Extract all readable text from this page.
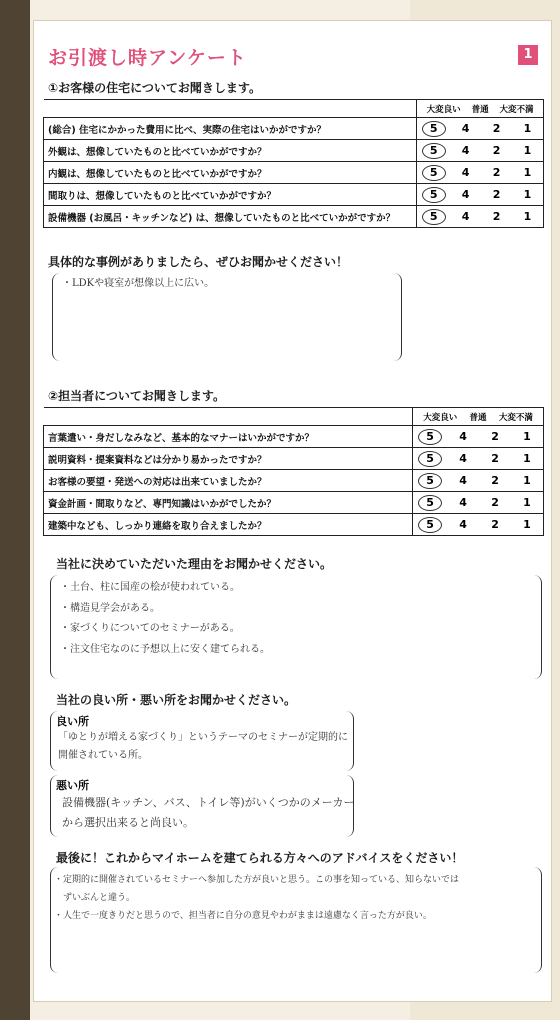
お引渡し時アンケート	1
①お客様の住宅についてお聞きします。

	大変良い 普通 大変不満

(総合) 住宅にかかった費用に比べ、実際の住宅はいかがですか？	5 4 2 1

外観は、想像していたものと比べていかがですか？	5 4 2 1

内観は、想像していたものと比べていかがですか？	5 4 2 1

間取りは、想像していたものと比べていかがですか？	5 4 2 1

設備機器 (お風呂・キッチンなど) は、想像していたものと比べていかがですか？	5 4 2 1
具体的な事例がありましたら、ぜひお聞かせください！
・LDKや寝室が想像以上に広い。
②担当者についてお聞きします。

	大変良い 普通 大変不満

言葉遣い・身だしなみなど、基本的なマナーはいかがですか？	5 4 2 1

説明資料・提案資料などは分かり易かったですか？	5 4 2 1

お客様の要望・発送への対応は出来ていましたか？	5 4 2 1

資金計画・間取りなど、専門知識はいかがでしたか？	5 4 2 1

建築中なども、しっかり連絡を取り合えましたか？	5 4 2 1
当社に決めていただいた理由をお聞かせください。
・土台、柱に国産の桧が使われている。
・構造見学会がある。
・家づくりについてのセミナーがある。
・注文住宅なのに予想以上に安く建てられる。
当社の良い所・悪い所をお聞かせください。
良い所
「ゆとりが増える家づくり」というテーマのセミナーが定期的に
開催されている所。
悪い所
設備機器(キッチン、バス、トイレ等)がいくつかのメーカー
から選択出来ると尚良い。
最後に！これからマイホームを建てられる方々へのアドバイスをください！
・定期的に開催されているセミナーへ参加した方が良いと思う。この事を知っている、知らないでは
　ずいぶんと違う。
・人生で一度きりだと思うので、担当者に自分の意見やわがままは遠慮なく言った方が良い。
